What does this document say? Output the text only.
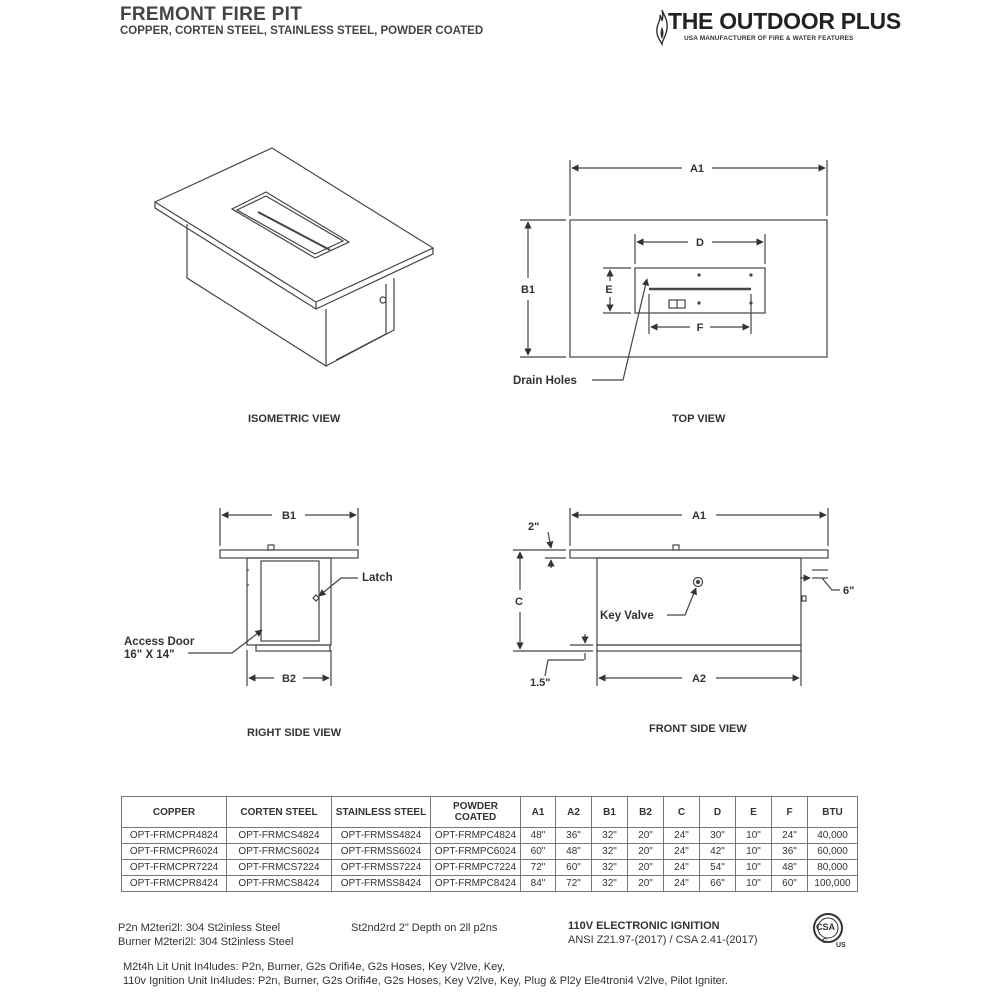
FREMONT FIRE PIT
COPPER, CORTEN STEEL, STAINLESS STEEL, POWDER COATED	THE OUTDOOR PLUS
USA MANUFACTURER OF FIRE & WATER FEATURES
A1
B1
D
E
F
Drain Holes
B1
B2
Latch
Access Door
16" X 14"
A1
A2
C
2"
1.5"
6"
Key Valve
ISOMETRIC VIEW	TOP VIEW
RIGHT SIDE VIEW	FRONT SIDE VIEW
COPPER	CORTEN STEEL	STAINLESS STEEL	POWDER COATED	A1	A2	B1	B2	C	D	E	F	BTU
OPT-FRMCPR4824	OPT-FRMCS4824	OPT-FRMSS4824	OPT-FRMPC4824	48"	36"	32"	20"	24"	30"	10"	24"	40,000
OPT-FRMCPR6024	OPT-FRMCS6024	OPT-FRMSS6024	OPT-FRMPC6024	60"	48"	32"	20"	24"	42"	10"	36"	60,000
OPT-FRMCPR7224	OPT-FRMCS7224	OPT-FRMSS7224	OPT-FRMPC7224	72"	60"	32"	20"	24"	54"	10"	48"	80,000
OPT-FRMCPR8424	OPT-FRMCS8424	OPT-FRMSS8424	OPT-FRMPC8424	84"	72"	32"	20"	24"	66"	10"	60"	100,000
P2n M2teri2l: 304 St2inless Steel
Burner M2teri2l: 304 St2inless Steel
St2nd2rd 2" Depth on 2ll p2ns	110V ELECTRONIC IGNITION
ANSI Z21.97-(2017) / CSA 2.41-(2017)
M2t4h Lit Unit In4ludes: P2n, Burner, G2s Orifi4e, G2s Hoses, Key V2lve, Key,
110v Ignition Unit In4ludes: P2n, Burner, G2s Orifi4e, G2s Hoses, Key V2lve, Key, Plug & Pl2y Ele4troni4 V2lve, Pilot Igniter.
CSA
C
US
